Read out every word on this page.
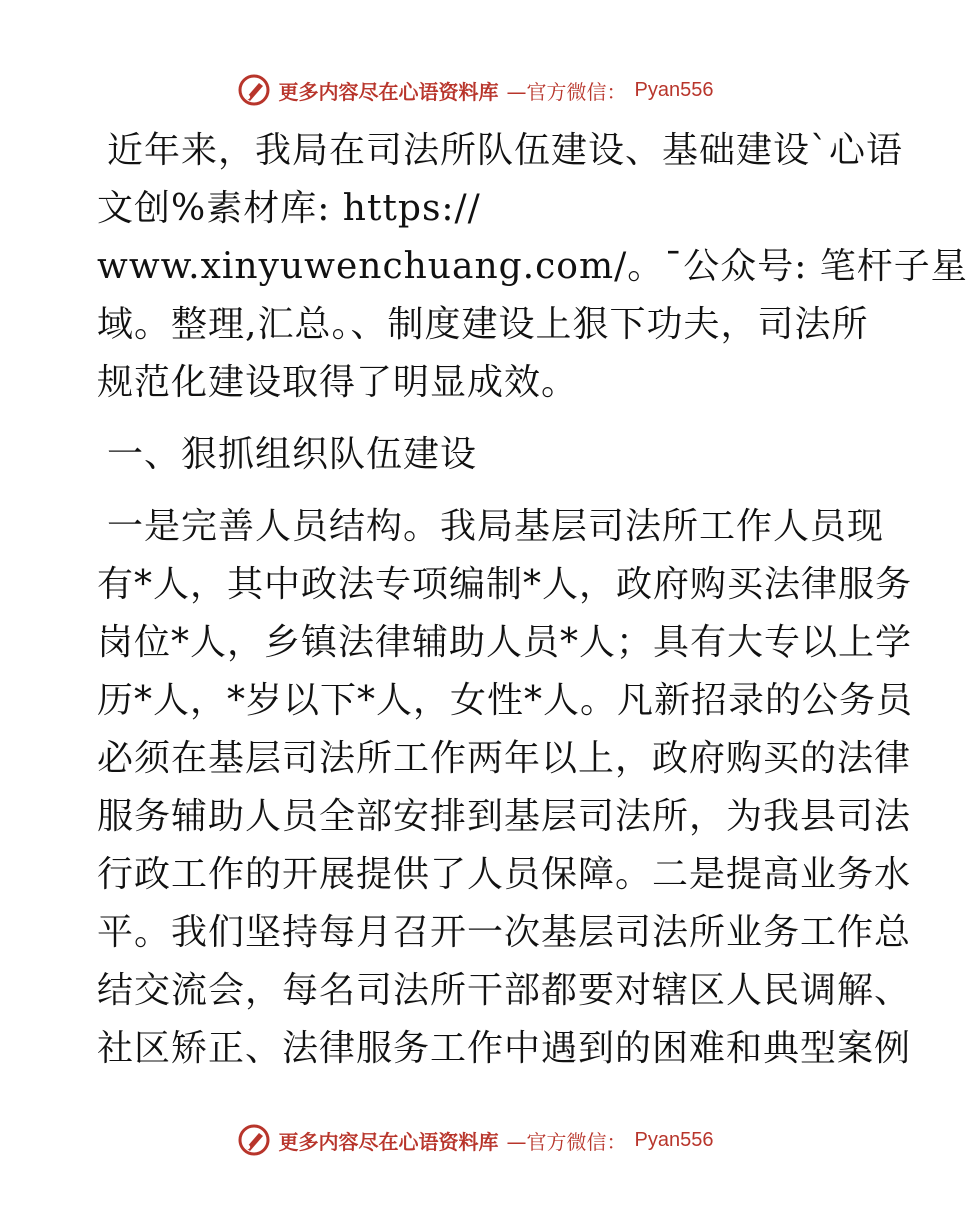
更多内容尽在心语资料库 —官方微信： Pyan556
近年来，我局在司法所队伍建设、基础建设`心语
文创%素材库: https://
www.xinyuwenchuang.com/。¯公众号: 笔杆子星
域。整理,汇总。、制度建设上狠下功夫，司法所
规范化建设取得了明显成效。
一、狠抓组织队伍建设
一是完善人员结构。我局基层司法所工作人员现
有*人，其中政法专项编制*人，政府购买法律服务
岗位*人，乡镇法律辅助人员*人；具有大专以上学
历*人，*岁以下*人，女性*人。凡新招录的公务员
必须在基层司法所工作两年以上，政府购买的法律
服务辅助人员全部安排到基层司法所，为我县司法
行政工作的开展提供了人员保障。二是提高业务水
平。我们坚持每月召开一次基层司法所业务工作总
结交流会，每名司法所干部都要对辖区人民调解、
社区矫正、法律服务工作中遇到的困难和典型案例
更多内容尽在心语资料库 —官方微信： Pyan556
